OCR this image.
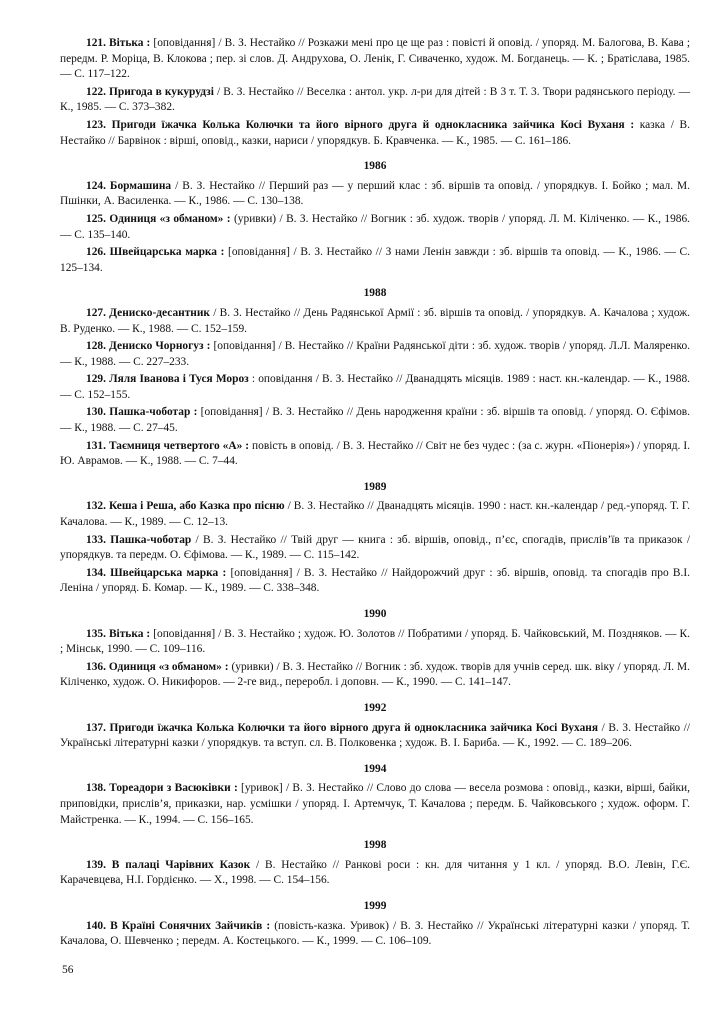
121. Вітька : [оповідання] / В. З. Нестайко // Розкажи мені про це ще раз : повісті й оповід. / упоряд. М. Балогова, В. Кава ; передм. Р. Моріца, В. Клокова ; пер. зі слов. Д. Андрухова, О. Ленік, Г. Сиваченко, худож. М. Богданець. — К. ; Братіслава, 1985. — С. 117–122.

122. Пригода в кукурудзі / В. З. Нестайко // Веселка : антол. укр. л-ри для дітей : В 3 т. Т. 3. Твори радянського періоду. — К., 1985. — С. 373–382.

123. Пригоди їжачка Колька Колючки та його вірного друга й однокласника зайчика Косі Вуханя : казка / В. Нестайко // Барвінок : вірші, оповід., казки, нариси / упорядкув. Б. Кравченка. — К., 1985. — С. 161–186.

1986

124. Бормашина / В. З. Нестайко // Перший раз — у перший клас : зб. віршів та оповід. / упорядкув. І. Бойко ; мал. М. Пшінки, А. Василенка. — К., 1986. — С. 130–138.

125. Одиниця «з обманом» : (уривки) / В. З. Нестайко // Вогник : зб. худож. творів / упоряд. Л. М. Кіліченко. — К., 1986. — С. 135–140.

126. Швейцарська марка : [оповідання] / В. З. Нестайко // З нами Ленін завжди : зб. віршів та оповід. — К., 1986. — С. 125–134.

1988

127. Дениско-десантник / В. З. Нестайко // День Радянської Армії : зб. віршів та оповід. / упорядкув. А. Качалова ; худож. В. Руденко. — К., 1988. — С. 152–159.

128. Дениско Чорногуз : [оповідання] / В. Нестайко // Країни Радянської діти : зб. худож. творів / упоряд. Л.Л. Маляренко. — К., 1988. — С. 227–233.

129. Ляля Іванова і Туся Мороз : оповідання / В. З. Нестайко // Дванадцять місяців. 1989 : наст. кн.-календар. — К., 1988. — С. 152–155.

130. Пашка-чоботар : [оповідання] / В. З. Нестайко // День народження країни : зб. віршів та оповід. / упоряд. О. Єфімов. — К., 1988. — С. 27–45.

131. Таємниця четвертого «А» : повість в оповід. / В. З. Нестайко // Світ не без чудес : (за с. журн. «Піонерія») / упоряд. І. Ю. Аврамов. — К., 1988. — С. 7–44.

1989

132. Кеша і Реша, або Казка про пісню / В. З. Нестайко // Дванадцять місяців. 1990 : наст. кн.-календар / ред.-упоряд. Т. Г. Качалова. — К., 1989. — С. 12–13.

133. Пашка-чоботар / В. З. Нестайко // Твій друг — книга : зб. віршів, оповід., п’єс, спогадів, прислів’їв та приказок / упорядкув. та передм. О. Єфімова. — К., 1989. — С. 115–142.

134. Швейцарська марка : [оповідання] / В. З. Нестайко // Найдорожчий друг : зб. віршів, оповід. та спогадів про В.І. Леніна / упоряд. Б. Комар. — К., 1989. — С. 338–348.

1990

135. Вітька : [оповідання] / В. З. Нестайко ; худож. Ю. Золотов // Побратими / упоряд. Б. Чайковський, М. Поздняков. — К. ; Мінськ, 1990. — С. 109–116.

136. Одиниця «з обманом» : (уривки) / В. З. Нестайко // Вогник : зб. худож. творів для учнів серед. шк. віку / упоряд. Л. М. Кіліченко, худож. О. Никифоров. — 2-ге вид., переробл. і доповн. — К., 1990. — С. 141–147.

1992

137. Пригоди їжачка Колька Колючки та його вірного друга й однокласника зайчика Косі Вуханя / В. З. Нестайко // Українські літературні казки / упорядкув. та вступ. сл. В. Полковенка ; худож. В. І. Бариба. — К., 1992. — С. 189–206.

1994

138. Тореадори з Васюківки : [уривок] / В. З. Нестайко // Слово до слова — весела розмова : оповід., казки, вірші, байки, приповідки, прислів’я, приказки, нар. усмішки / упоряд. І. Артемчук, Т. Качалова ; передм. Б. Чайковського ; худож. оформ. Г. Майстренка. — К., 1994. — С. 156–165.

1998

139. В палаці Чарівних Казок / В. Нестайко // Ранкові роси : кн. для читання у 1 кл. / упоряд. В.О. Левін, Г.Є. Карачевцева, Н.І. Гордієнко. — Х., 1998. — С. 154–156.

1999

140. В Країні Сонячних Зайчиків : (повість-казка. Уривок) / В. З. Нестайко // Українські літературні казки / упоряд. Т. Качалова, О. Шевченко ; передм. А. Костецького. — К., 1999. — С. 106–109.

56
